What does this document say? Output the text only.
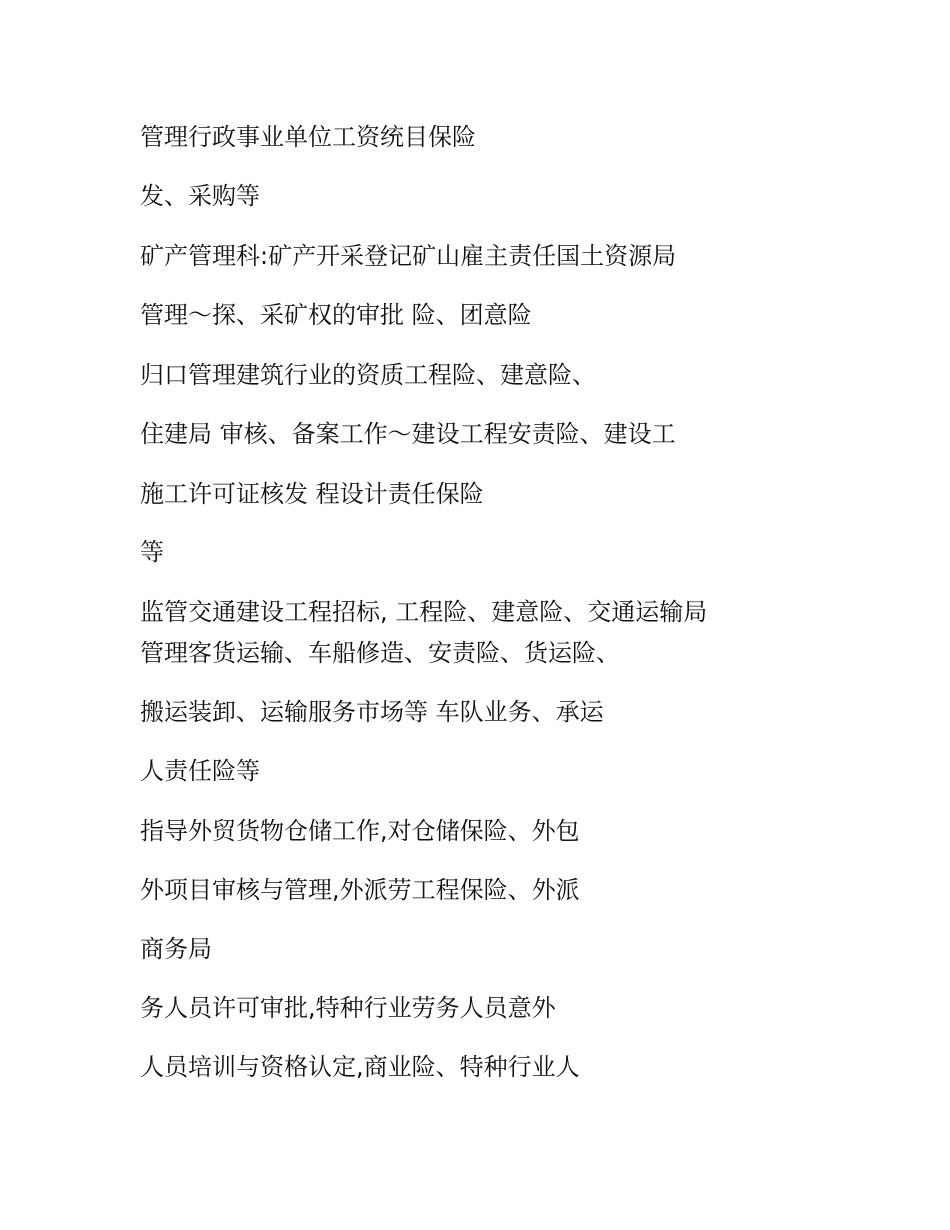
管理行政事业单位工资统目保险

发、采购等

矿产管理科:矿产开采登记矿山雇主责任国土资源局

管理～探、采矿权的审批 险、团意险

归口管理建筑行业的资质工程险、建意险、

住建局 审核、备案工作～建设工程安责险、建设工

施工许可证核发 程设计责任保险

等

监管交通建设工程招标, 工程险、建意险、交通运输局

管理客货运输、车船修造、安责险、货运险、

搬运装卸、运输服务市场等 车队业务、承运

人责任险等

指导外贸货物仓储工作,对仓储保险、外包

外项目审核与管理,外派劳工程保险、外派

商务局

务人员许可审批,特种行业劳务人员意外

人员培训与资格认定,商业险、特种行业人
